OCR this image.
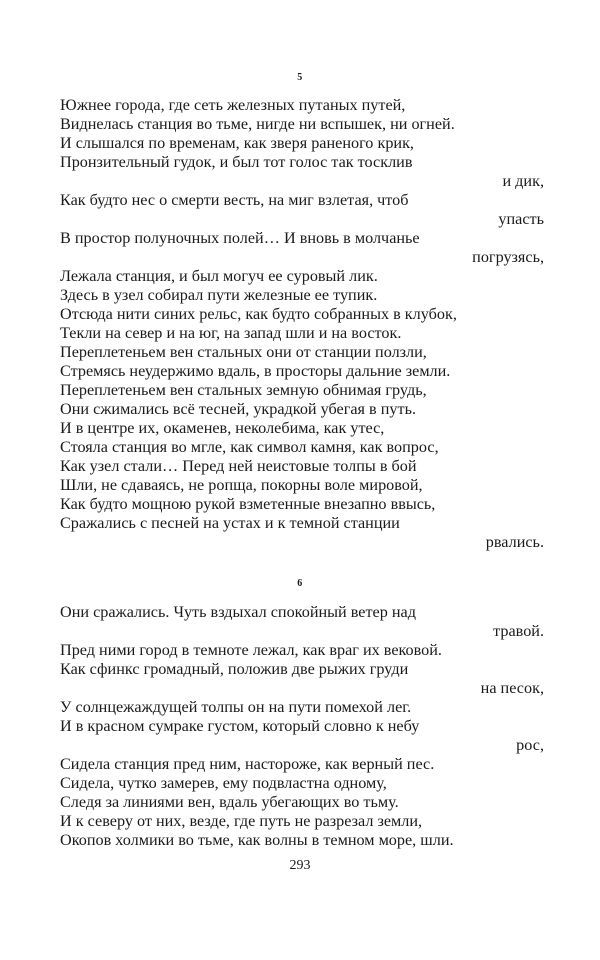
5
Южнее города, где сеть железных путаных путей,
Виднелась станция во тьме, нигде ни вспышек, ни огней.
И слышался по временам, как зверя раненого крик,
Пронзительный гудок, и был тот голос так тосклив
и дик,
Как будто нес о смерти весть, на миг взлетая, чтоб
упасть
В простор полуночных полей… И вновь в молчанье
погрузясь,
Лежала станция, и был могуч ее суровый лик.
Здесь в узел собирал пути железные ее тупик.
Отсюда нити синих рельс, как будто собранных в клубок,
Текли на север и на юг, на запад шли и на восток.
Переплетеньем вен стальных они от станции ползли,
Стремясь неудержимо вдаль, в просторы дальние земли.
Переплетеньем вен стальных земную обнимая грудь,
Они сжимались всё тесней, украдкой убегая в путь.
И в центре их, окаменев, неколебима, как утес,
Стояла станция во мгле, как символ камня, как вопрос,
Как узел стали… Перед ней неистовые толпы в бой
Шли, не сдаваясь, не ропща, покорны воле мировой,
Как будто мощною рукой взметенные внезапно ввысь,
Сражались с песней на устах и к темной станции
рвались.
6
Они сражались. Чуть вздыхал спокойный ветер над
травой.
Пред ними город в темноте лежал, как враг их вековой.
Как сфинкс громадный, положив две рыжих груди
на песок,
У солнцежаждущей толпы он на пути помехой лег.
И в красном сумраке густом, который словно к небу
рос,
Сидела станция пред ним, настороже, как верный пес.
Сидела, чутко замерев, ему подвластна одному,
Следя за линиями вен, вдаль убегающих во тьму.
И к северу от них, везде, где путь не разрезал земли,
Окопов холмики во тьме, как волны в темном море, шли.
293
